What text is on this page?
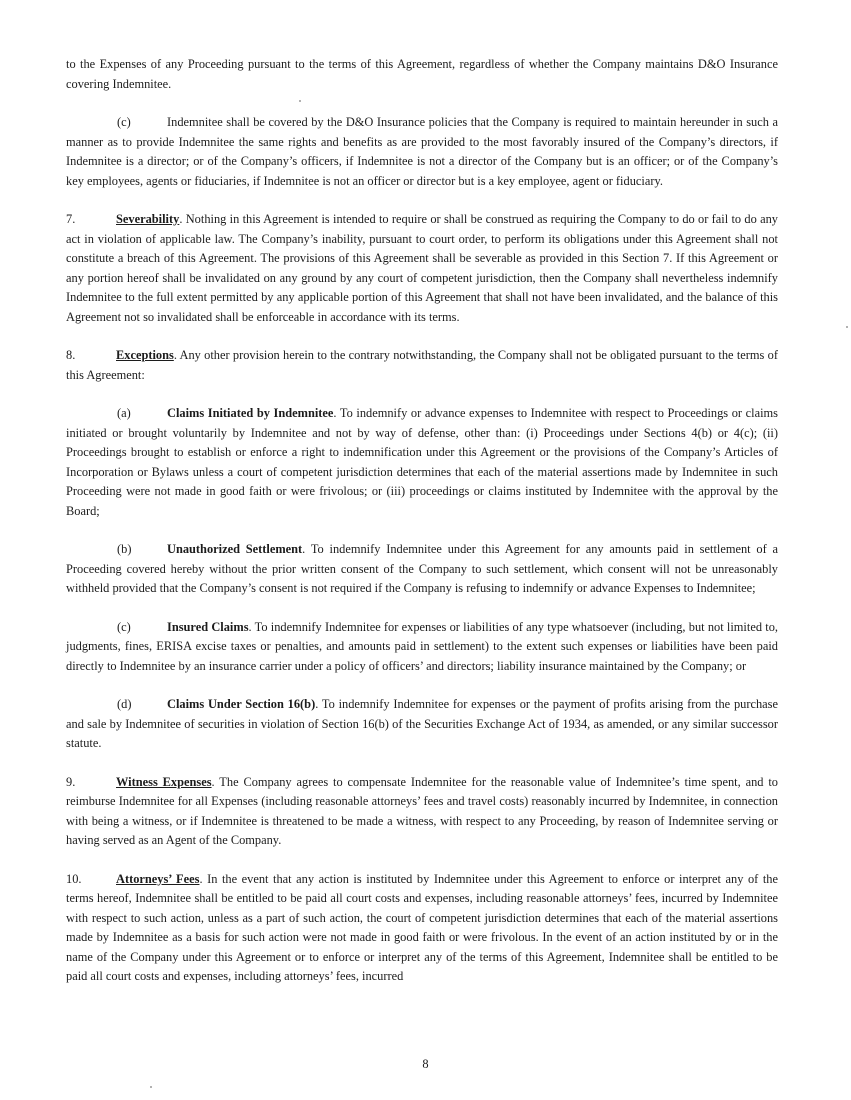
to the Expenses of any Proceeding pursuant to the terms of this Agreement, regardless of whether the Company maintains D&O Insurance covering Indemnitee.

(c)	Indemnitee shall be covered by the D&O Insurance policies that the Company is required to maintain hereunder in such a manner as to provide Indemnitee the same rights and benefits as are provided to the most favorably insured of the Company’s directors, if Indemnitee is a director; or of the Company’s officers, if Indemnitee is not a director of the Company but is an officer; or of the Company’s key employees, agents or fiduciaries, if Indemnitee is not an officer or director but is a key employee, agent or fiduciary.

7.	Severability. Nothing in this Agreement is intended to require or shall be construed as requiring the Company to do or fail to do any act in violation of applicable law. The Company’s inability, pursuant to court order, to perform its obligations under this Agreement shall not constitute a breach of this Agreement. The provisions of this Agreement shall be severable as provided in this Section 7. If this Agreement or any portion hereof shall be invalidated on any ground by any court of competent jurisdiction, then the Company shall nevertheless indemnify Indemnitee to the full extent permitted by any applicable portion of this Agreement that shall not have been invalidated, and the balance of this Agreement not so invalidated shall be enforceable in accordance with its terms.

8.	Exceptions. Any other provision herein to the contrary notwithstanding, the Company shall not be obligated pursuant to the terms of this Agreement:

(a)	Claims Initiated by Indemnitee. To indemnify or advance expenses to Indemnitee with respect to Proceedings or claims initiated or brought voluntarily by Indemnitee and not by way of defense, other than: (i) Proceedings under Sections 4(b) or 4(c); (ii) Proceedings brought to establish or enforce a right to indemnification under this Agreement or the provisions of the Company’s Articles of Incorporation or Bylaws unless a court of competent jurisdiction determines that each of the material assertions made by Indemnitee in such Proceeding were not made in good faith or were frivolous; or (iii) proceedings or claims instituted by Indemnitee with the approval by the Board;

(b)	Unauthorized Settlement. To indemnify Indemnitee under this Agreement for any amounts paid in settlement of a Proceeding covered hereby without the prior written consent of the Company to such settlement, which consent will not be unreasonably withheld provided that the Company’s consent is not required if the Company is refusing to indemnify or advance Expenses to Indemnitee;

(c)	Insured Claims. To indemnify Indemnitee for expenses or liabilities of any type whatsoever (including, but not limited to, judgments, fines, ERISA excise taxes or penalties, and amounts paid in settlement) to the extent such expenses or liabilities have been paid directly to Indemnitee by an insurance carrier under a policy of officers’ and directors; liability insurance maintained by the Company; or

(d)	Claims Under Section 16(b). To indemnify Indemnitee for expenses or the payment of profits arising from the purchase and sale by Indemnitee of securities in violation of Section 16(b) of the Securities Exchange Act of 1934, as amended, or any similar successor statute.

9.	Witness Expenses. The Company agrees to compensate Indemnitee for the reasonable value of Indemnitee’s time spent, and to reimburse Indemnitee for all Expenses (including reasonable attorneys’ fees and travel costs) reasonably incurred by Indemnitee, in connection with being a witness, or if Indemnitee is threatened to be made a witness, with respect to any Proceeding, by reason of Indemnitee serving or having served as an Agent of the Company.

10.	Attorneys’ Fees. In the event that any action is instituted by Indemnitee under this Agreement to enforce or interpret any of the terms hereof, Indemnitee shall be entitled to be paid all court costs and expenses, including reasonable attorneys’ fees, incurred by Indemnitee with respect to such action, unless as a part of such action, the court of competent jurisdiction determines that each of the material assertions made by Indemnitee as a basis for such action were not made in good faith or were frivolous. In the event of an action instituted by or in the name of the Company under this Agreement or to enforce or interpret any of the terms of this Agreement, Indemnitee shall be entitled to be paid all court costs and expenses, including attorneys’ fees, incurred

8
